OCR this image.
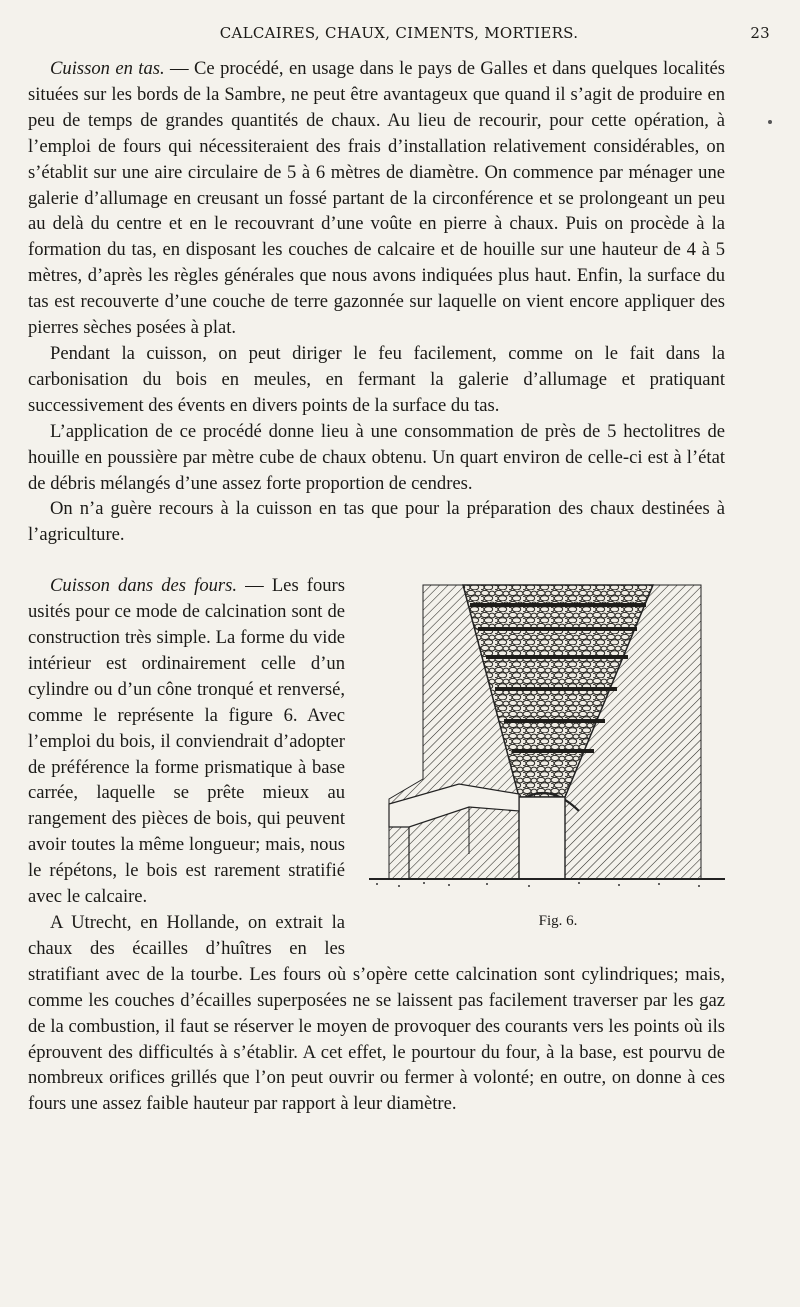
CALCAIRES, CHAUX, CIMENTS, MORTIERS.	23

Cuisson en tas. — Ce procédé, en usage dans le pays de Galles et dans quelques localités situées sur les bords de la Sambre, ne peut être avantageux que quand il s’agit de produire en peu de temps de grandes quantités de chaux. Au lieu de recourir, pour cette opération, à l’emploi de fours qui nécessiteraient des frais d’installation relativement considérables, on s’établit sur une aire circulaire de 5 à 6 mètres de diamètre. On commence par ménager une galerie d’allumage en creusant un fossé partant de la circonférence et se prolongeant un peu au delà du centre et en le recouvrant d’une voûte en pierre à chaux. Puis on procède à la formation du tas, en disposant les couches de calcaire et de houille sur une hauteur de 4 à 5 mètres, d’après les règles générales que nous avons indiquées plus haut. Enfin, la surface du tas est recouverte d’une couche de terre gazonnée sur laquelle on vient encore appliquer des pierres sèches posées à plat.

Pendant la cuisson, on peut diriger le feu facilement, comme on le fait dans la carbonisation du bois en meules, en fermant la galerie d’allumage et pratiquant successivement des évents en divers points de la surface du tas.

L’application de ce procédé donne lieu à une consommation de près de 5 hectolitres de houille en poussière par mètre cube de chaux obtenu. Un quart environ de celle-ci est à l’état de débris mélangés d’une assez forte proportion de cendres.

On n’a guère recours à la cuisson en tas que pour la préparation des chaux destinées à l’agriculture.

Fig. 6.
Cuisson dans des fours. — Les fours usités pour ce mode de calcination sont de construction très simple. La forme du vide intérieur est ordinairement celle d’un cylindre ou d’un cône tronqué et renversé, comme le représente la figure 6. Avec l’emploi du bois, il conviendrait d’adopter de préférence la forme prismatique à base carrée, laquelle se prête mieux au rangement des pièces de bois, qui peuvent avoir toutes la même longueur; mais, nous le répétons, le bois est rarement stratifié avec le calcaire.

A Utrecht, en Hollande, on extrait la chaux des écailles d’huîtres en les stratifiant avec de la tourbe. Les fours où s’opère cette calcination sont cylindriques; mais, comme les couches d’écailles superposées ne se laissent pas facilement traverser par les gaz de la combustion, il faut se réserver le moyen de provoquer des courants vers les points où ils éprouvent des difficultés à s’établir. A cet effet, le pourtour du four, à la base, est pourvu de nombreux orifices grillés que l’on peut ouvrir ou fermer à volonté; en outre, on donne à ces fours une assez faible hauteur par rapport à leur diamètre.
